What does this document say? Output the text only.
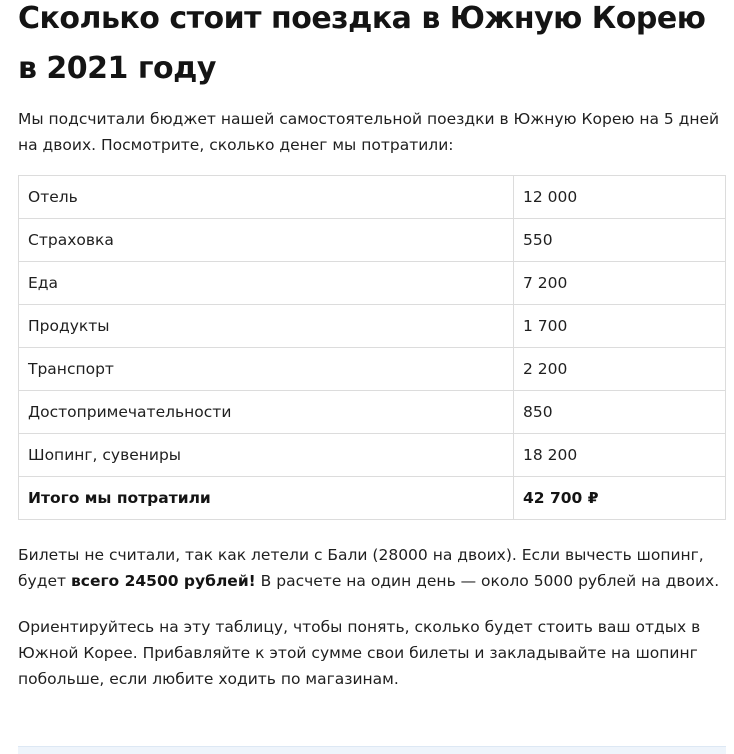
Сколько стоит поездка в Южную Корею в 2021 году

Мы подсчитали бюджет нашей самостоятельной поездки в Южную Корею на 5 дней на двоих. Посмотрите, сколько денег мы потратили:

Отель	12 000
Страховка	550
Еда	7 200
Продукты	1 700
Транспорт	2 200
Достопримечательности	850
Шопинг, сувениры	18 200
Итого мы потратили	42 700 ₽

Билеты не считали, так как летели с Бали (28000 на двоих). Если вычесть шопинг, будет всего 24500 рублей! В расчете на один день — около 5000 рублей на двоих.

Ориентируйтесь на эту таблицу, чтобы понять, сколько будет стоить ваш отдых в Южной Корее. Прибавляйте к этой сумме свои билеты и закладывайте на шопинг побольше, если любите ходить по магазинам.
